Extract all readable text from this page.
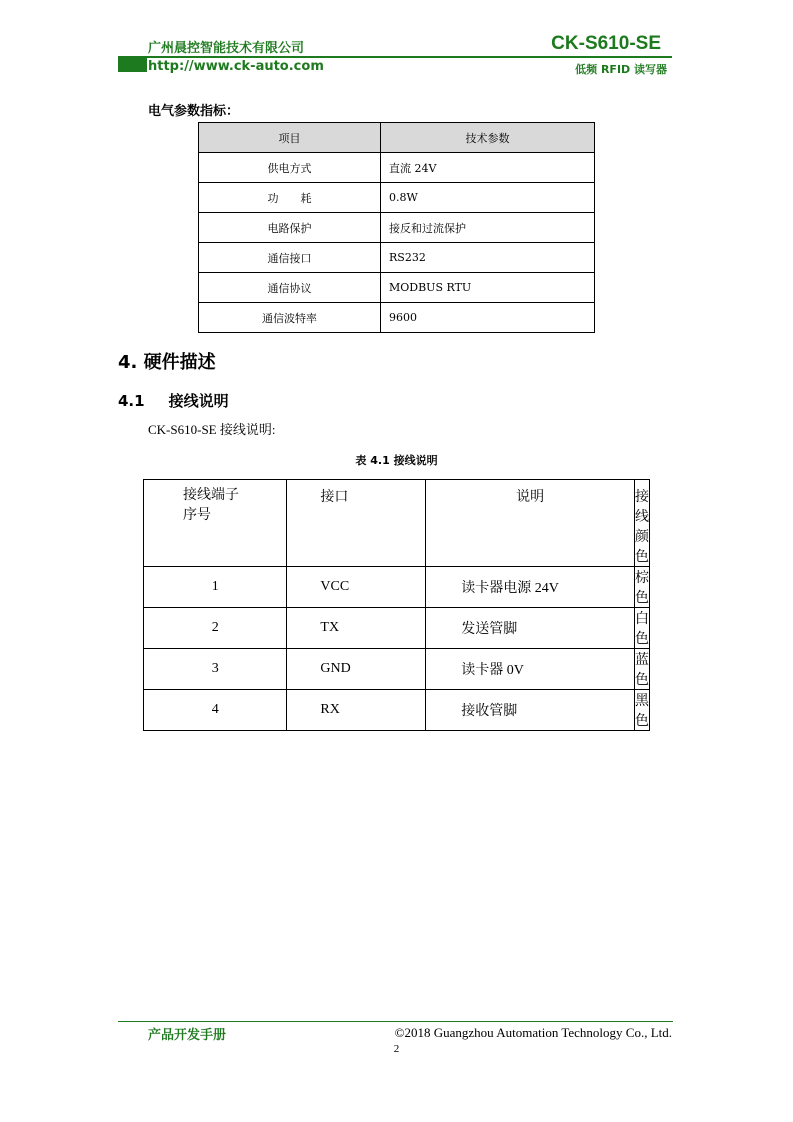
广州晨控智能技术有限公司	CK-S610-SE
http://www.ck-auto.com	低频 RFID 读写器
电气参数指标：
项目	技术参数
供电方式	直流 24V
功　　耗	0.8W
电路保护	接反和过流保护
通信接口	RS232
通信协议	MODBUS RTU
通信波特率	9600
4. 硬件描述
4.1 接线说明
CK-S610-SE 接线说明:
表 4.1 接线说明
接线端子
序号	接口	说明	接线颜色
1	VCC	读卡器电源 24V	棕色
2	TX	发送管脚	白色
3	GND	读卡器 0V	蓝色
4	RX	接收管脚	黑色
产品开发手册	©2018 Guangzhou Automation Technology Co., Ltd.
2
